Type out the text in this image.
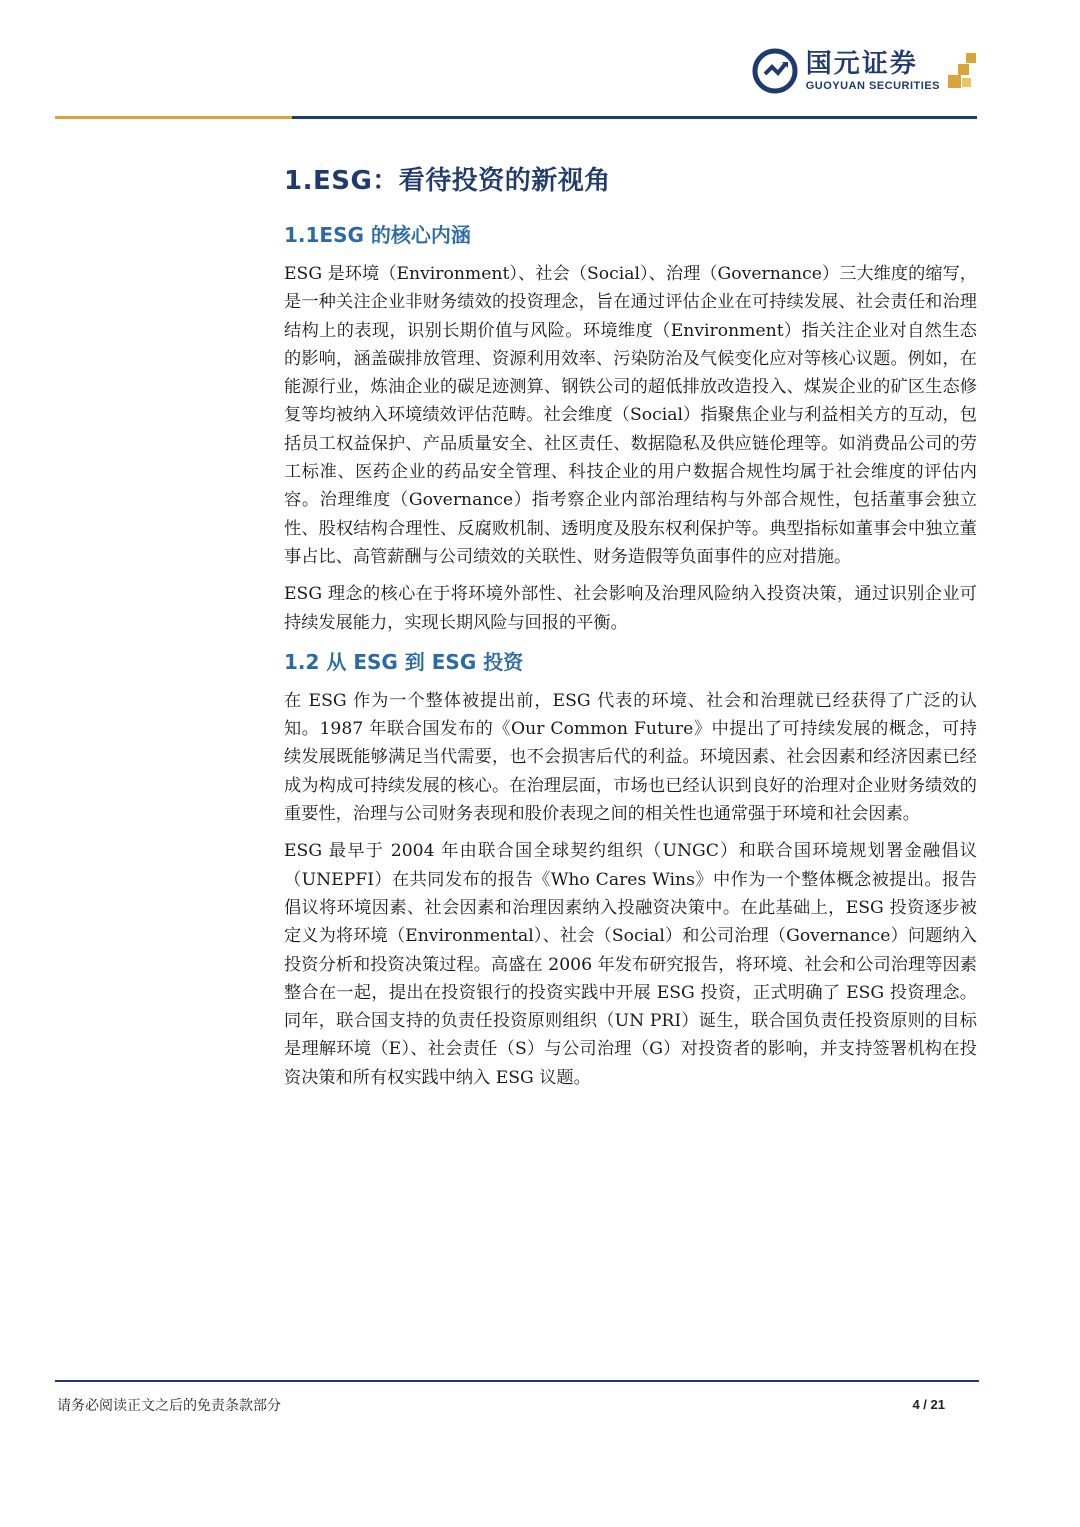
国元证券
GUOYUAN SECURITIES
1.ESG：看待投资的新视角
1.1ESG 的核心内涵

ESG 是环境（Environment）、社会（Social）、治理（Governance）三大维度的缩写，是一种关注企业非财务绩效的投资理念，旨在通过评估企业在可持续发展、社会责任和治理结构上的表现，识别长期价值与风险。环境维度（Environment）指关注企业对自然生态的影响，涵盖碳排放管理、资源利用效率、污染防治及气候变化应对等核心议题。例如，在能源行业，炼油企业的碳足迹测算、钢铁公司的超低排放改造投入、煤炭企业的矿区生态修复等均被纳入环境绩效评估范畴。社会维度（Social）指聚焦企业与利益相关方的互动，包括员工权益保护、产品质量安全、社区责任、数据隐私及供应链伦理等。如消费品公司的劳工标准、医药企业的药品安全管理、科技企业的用户数据合规性均属于社会维度的评估内容。治理维度（Governance）指考察企业内部治理结构与外部合规性，包括董事会独立性、股权结构合理性、反腐败机制、透明度及股东权利保护等。典型指标如董事会中独立董事占比、高管薪酬与公司绩效的关联性、财务造假等负面事件的应对措施。

ESG 理念的核心在于将环境外部性、社会影响及治理风险纳入投资决策，通过识别企业可持续发展能力，实现长期风险与回报的平衡。

1.2 从 ESG 到 ESG 投资

在 ESG 作为一个整体被提出前，ESG 代表的环境、社会和治理就已经获得了广泛的认知。1987 年联合国发布的《Our Common Future》中提出了可持续发展的概念，可持续发展既能够满足当代需要，也不会损害后代的利益。环境因素、社会因素和经济因素已经成为构成可持续发展的核心。在治理层面，市场也已经认识到良好的治理对企业财务绩效的重要性，治理与公司财务表现和股价表现之间的相关性也通常强于环境和社会因素。

ESG 最早于 2004 年由联合国全球契约组织（UNGC）和联合国环境规划署金融倡议（UNEPFI）在共同发布的报告《Who Cares Wins》中作为一个整体概念被提出。报告倡议将环境因素、社会因素和治理因素纳入投融资决策中。在此基础上，ESG 投资逐步被定义为将环境（Environmental）、社会（Social）和公司治理（Governance）问题纳入投资分析和投资决策过程。高盛在 2006 年发布研究报告，将环境、社会和公司治理等因素整合在一起，提出在投资银行的投资实践中开展 ESG 投资，正式明确了 ESG 投资理念。同年，联合国支持的负责任投资原则组织（UN PRI）诞生，联合国负责任投资原则的目标是理解环境（E）、社会责任（S）与公司治理（G）对投资者的影响，并支持签署机构在投资决策和所有权实践中纳入 ESG 议题。

请务必阅读正文之后的免责条款部分	4 / 21
